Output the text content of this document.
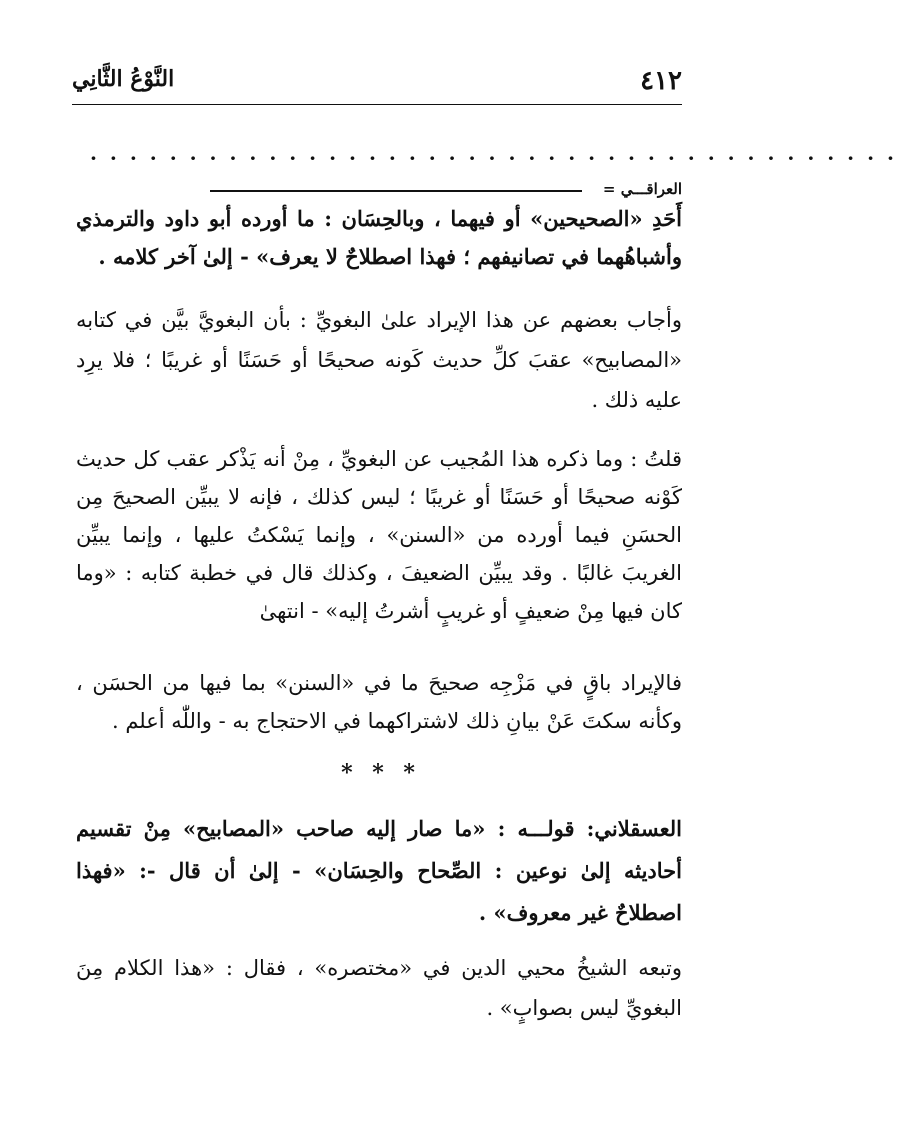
٤١٢
النَّوْعُ الثَّانِي
· · · · · · · · · · · · · · · · · · · · · · · · · · · · · · · · · · · · · · · · ·
العراقـــي =
أَحَدِ «الصحيحين» أو فيهما ، وبالحِسَان : ما أورده أبو داود والترمذي وأشباهُهما في تصانيفهم ؛ فهذا اصطلاحٌ لا يعرف» - إلىٰ آخر كلامه .
وأجاب بعضهم عن هذا الإيراد علىٰ البغويِّ : بأن البغويَّ بيَّن في كتابه «المصابيح» عقبَ كلِّ حديث كَونه صحيحًا أو حَسَنًا أو غريبًا ؛ فلا يرِد عليه ذلك .
قلتُ : وما ذكره هذا المُجيب عن البغويِّ ، مِنْ أنه يَذْكر عقب كل حديث كَوْنه صحيحًا أو حَسَنًا أو غريبًا ؛ ليس كذلك ، فإنه لا يبيِّن الصحيحَ مِن الحسَنِ فيما أورده من «السنن» ، وإنما يَسْكتُ عليها ، وإنما يبيِّن الغريبَ غالبًا . وقد يبيِّن الضعيفَ ، وكذلك قال في خطبة كتابه : «وما كان فيها مِنْ ضعيفٍ أو غريبٍ أشرتُ إليه» - انتهىٰ
فالإيراد باقٍ في مَزْجِه صحيحَ ما في «السنن» بما فيها من الحسَن ، وكأنه سكتَ عَنْ بيانِ ذلك لاشتراكهما في الاحتجاج به - واللّٰه أعلم .
* * *
العسقلاني: قولـــه : «ما صار إليه صاحب «المصابيح» مِنْ تقسيم أحاديثه إلىٰ نوعين : الصِّحاح والحِسَان» - إلىٰ أن قال -: «فهذا اصطلاحٌ غير معروف» .
وتبعه الشيخُ محيي الدين في «مختصره» ، فقال : «هذا الكلام مِنَ البغويِّ ليس بصوابٍ» .
